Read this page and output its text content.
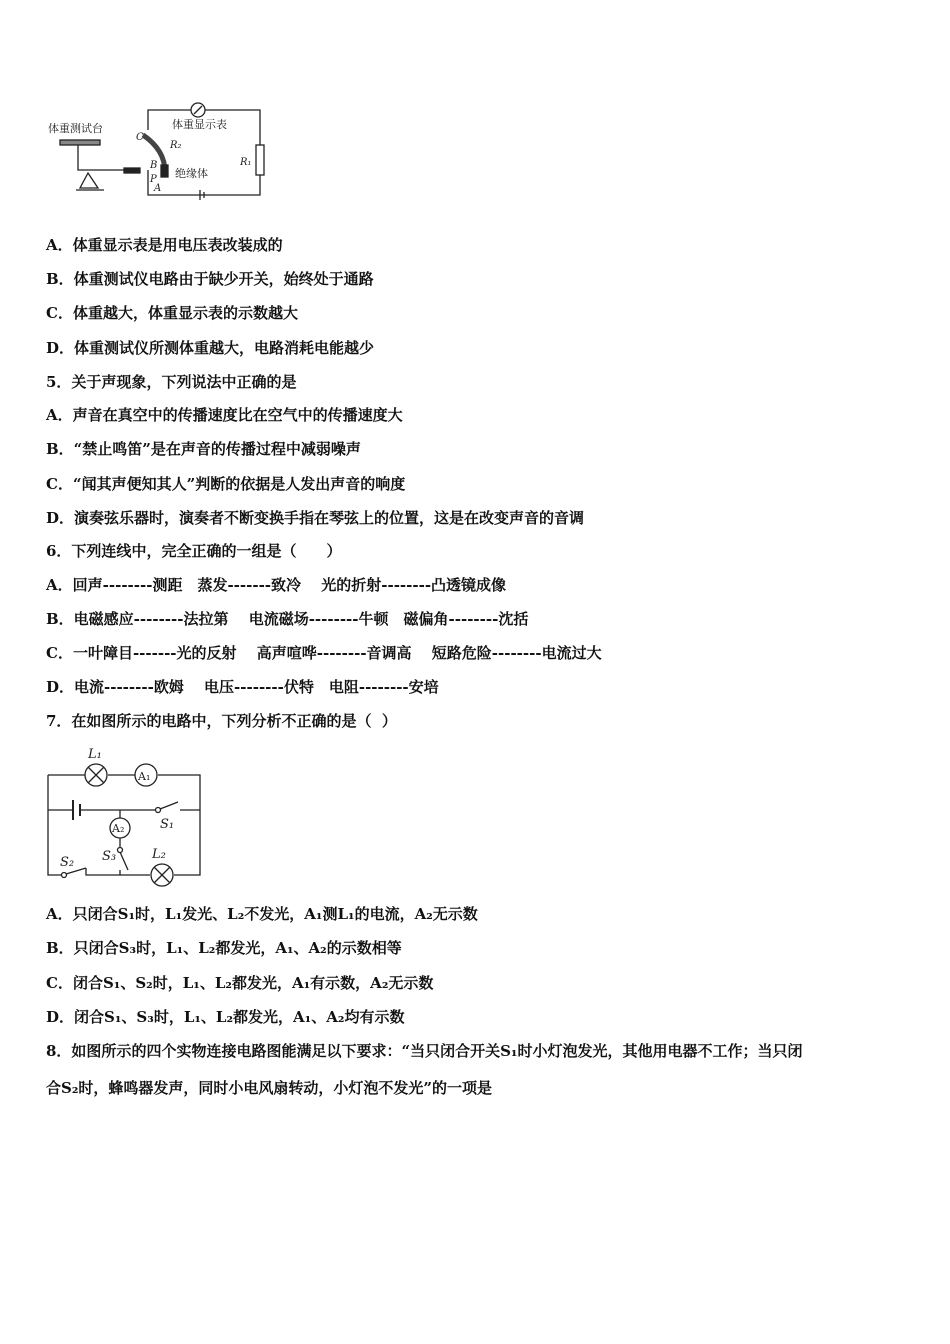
体重测试台	体重显示表
R₂
R₁
绝缘体
C
B
P
A
A．体重显示表是用电压表改装成的
B．体重测试仪电路由于缺少开关，始终处于通路
C．体重越大，体重显示表的示数越大
D．体重测试仪所测体重越大，电路消耗电能越少
5．关于声现象，下列说法中正确的是
A．声音在真空中的传播速度比在空气中的传播速度大
B．“禁止鸣笛”是在声音的传播过程中减弱噪声
C．“闻其声便知其人”判断的依据是人发出声音的响度
D．演奏弦乐器时，演奏者不断变换手指在琴弦上的位置，这是在改变声音的音调
6．下列连线中，完全正确的一组是（　　）
A．回声--------测距　蒸发-------致冷　 光的折射--------凸透镜成像
B．电磁感应--------法拉第　 电流磁场--------牛顿　磁偏角--------沈括
C．一叶障目-------光的反射　 高声喧哗--------音调高　 短路危险--------电流过大
D．电流--------欧姆　 电压--------伏特　电阻--------安培
7．在如图所示的电路中，下列分析不正确的是（  ）
L₁
A₁
S₁
A₂
S₃
S₂
L₂
A．只闭合S₁时，L₁发光、L₂不发光，A₁测L₁的电流，A₂无示数
B．只闭合S₃时，L₁、L₂都发光，A₁、A₂的示数相等
C．闭合S₁、S₂时，L₁、L₂都发光，A₁有示数，A₂无示数
D．闭合S₁、S₃时，L₁、L₂都发光，A₁、A₂均有示数
8．如图所示的四个实物连接电路图能满足以下要求：“当只闭合开关S₁时小灯泡发光，其他用电器不工作；当只闭
合S₂时，蜂鸣器发声，同时小电风扇转动，小灯泡不发光”的一项是
